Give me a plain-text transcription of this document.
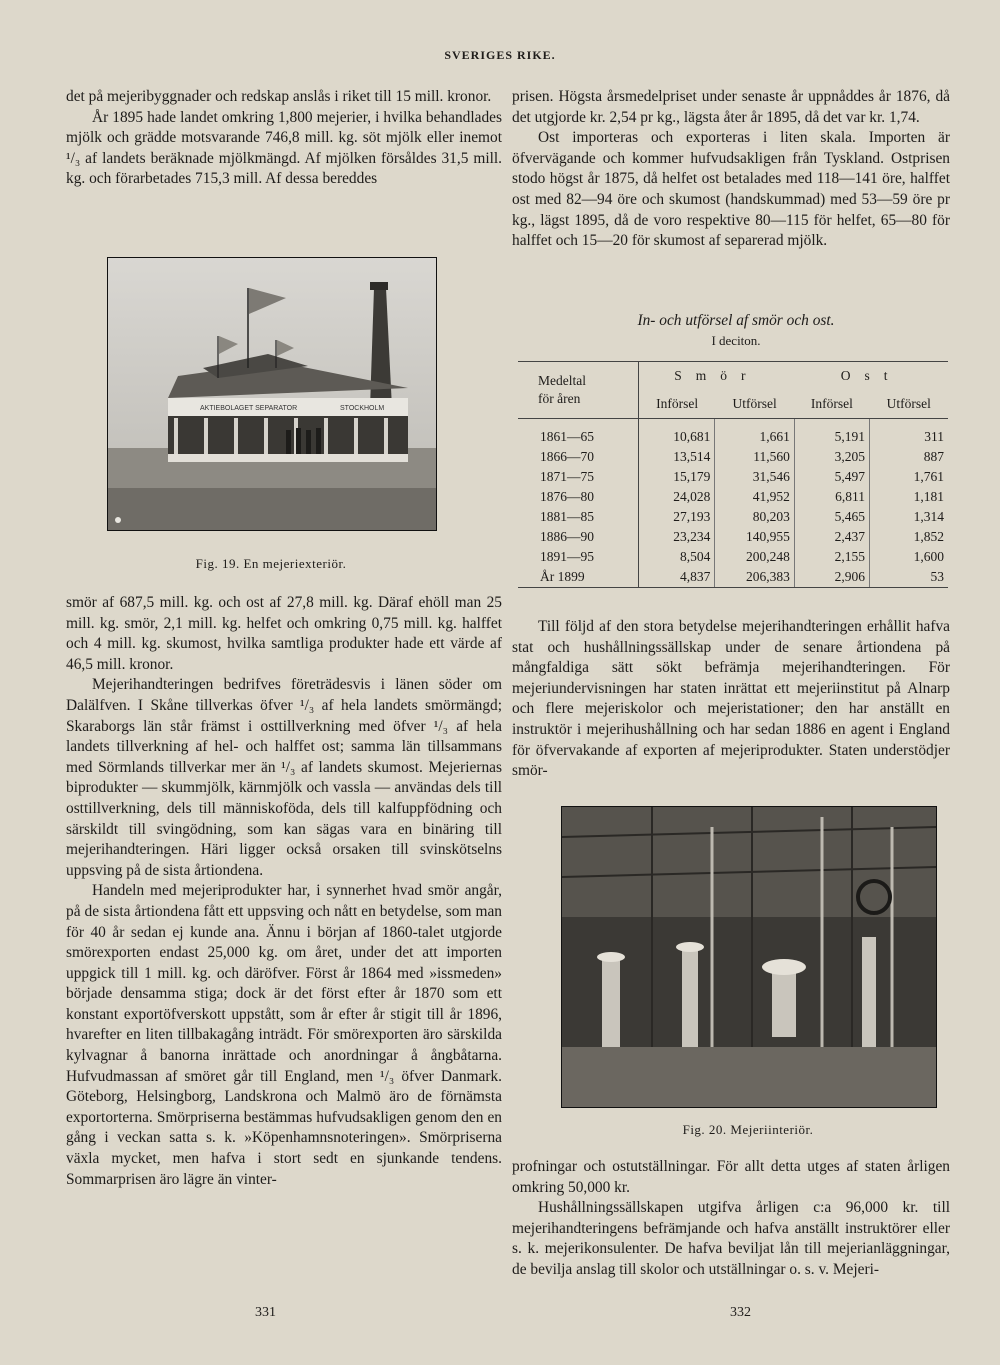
SVERIGES RIKE.

det på mejeribyggnader och redskap anslås i riket till 15 mill. kronor.

År 1895 hade landet omkring 1,800 mejerier, i hvilka behandlades mjölk och grädde motsvarande 746,8 mill. kg. söt mjölk eller inemot ¹/₃ af landets beräknade mjölkmängd. Af mjölken försåldes 31,5 mill. kg. och förarbetades 715,3 mill. Af dessa bereddes

AKTIEBOLAGET SEPARATOR	STOCKHOLM
Fig. 19. En mejeriexteriör.

smör af 687,5 mill. kg. och ost af 27,8 mill. kg. Däraf ehöll man 25 mill. kg. smör, 2,1 mill. kg. helfet och omkring 0,75 mill. kg. halffet och 4 mill. kg. skumost, hvilka samtliga produkter hade ett värde af 46,5 mill. kronor.

Mejerihandteringen bedrifves företrädesvis i länen söder om Dalälfven. I Skåne tillverkas öfver ¹/₃ af hela landets smörmängd; Skaraborgs län står främst i osttillverkning med öfver ¹/₃ af hela landets tillverkning af hel- och halffet ost; samma län tillsammans med Sörmlands tillverkar mer än ¹/₃ af landets skumost. Mejeriernas biprodukter — skummjölk, kärnmjölk och vassla — användas dels till osttillverkning, dels till människoföda, dels till kalfuppfödning och särskildt till svingödning, som kan sägas vara en binäring till mejerihandteringen. Häri ligger också orsaken till svinskötselns uppsving på de sista årtiondena.

Handeln med mejeriprodukter har, i synnerhet hvad smör angår, på de sista årtiondena fått ett uppsving och nått en betydelse, som man för 40 år sedan ej kunde ana. Ännu i början af 1860-talet utgjorde smörexporten endast 25,000 kg. om året, under det att importen uppgick till 1 mill. kg. och däröfver. Först år 1864 med »issmeden» började densamma stiga; dock är det först efter år 1870 som ett konstant exportöfverskott uppstått, som år efter år stigit till år 1896, hvarefter en liten tillbakagång inträdt. För smörexporten äro särskilda kylvagnar å banorna inrättade och anordningar å ångbåtarna. Hufvudmassan af smöret går till England, men ¹/₃ öfver Danmark. Göteborg, Helsingborg, Landskrona och Malmö äro de förnämsta exportorterna. Smörpriserna bestämmas hufvudsakligen genom den en gång i veckan satta s. k. »Köpenhamnsnoteringen». Smörpriserna växla mycket, men hafva i stort sedt en sjunkande tendens. Sommarprisen äro lägre än vinter-

prisen. Högsta årsmedelpriset under senaste år uppnåddes år 1876, då det utgjorde kr. 2,54 pr kg., lägsta åter år 1895, då det var kr. 1,74.

Ost importeras och exporteras i liten skala. Importen är öfvervägande och kommer hufvudsakligen från Tyskland. Ostprisen stodo högst år 1875, då helfet ost betalades med 118—141 öre, halffet ost med 82—94 öre och skumost (handskummad) med 53—59 öre pr kg., lägst 1895, då de voro respektive 80—115 för helfet, 65—80 för halffet och 15—20 för skumost af separerad mjölk.

In- och utförsel af smör och ost.
I deciton.
Medeltal
för åren	Smör		Ost	
	Införsel	Utförsel	Införsel	Utförsel
1861—65	10,681	1,661	5,191	311
1866—70	13,514	11,560	3,205	887
1871—75	15,179	31,546	5,497	1,761
1876—80	24,028	41,952	6,811	1,181
1881—85	27,193	80,203	5,465	1,314
1886—90	23,234	140,955	2,437	1,852
1891—95	8,504	200,248	2,155	1,600
År 1899	4,837	206,383	2,906	53

Till följd af den stora betydelse mejerihandteringen erhållit hafva stat och hushållningssällskap under de senare årtiondena på mångfaldiga sätt sökt befrämja mejerihandteringen. För mejeriundervisningen har staten inrättat ett mejeriinstitut på Alnarp och flere mejeriskolor och mejeristationer; den har anställt en instruktör i mejerihushållning och har sedan 1886 en agent i England för öfvervakande af exporten af mejeriprodukter. Staten understödjer smör-

Fig. 20. Mejeriinteriör.

profningar och ostutställningar. För allt detta utges af staten årligen omkring 50,000 kr.

Hushållningssällskapen utgifva årligen c:a 96,000 kr. till mejerihandteringens befrämjande och hafva anställt instruktörer eller s. k. mejerikonsulenter. De hafva beviljat lån till mejerianläggningar, de bevilja anslag till skolor och utställningar o. s. v. Mejeri-

331	332
